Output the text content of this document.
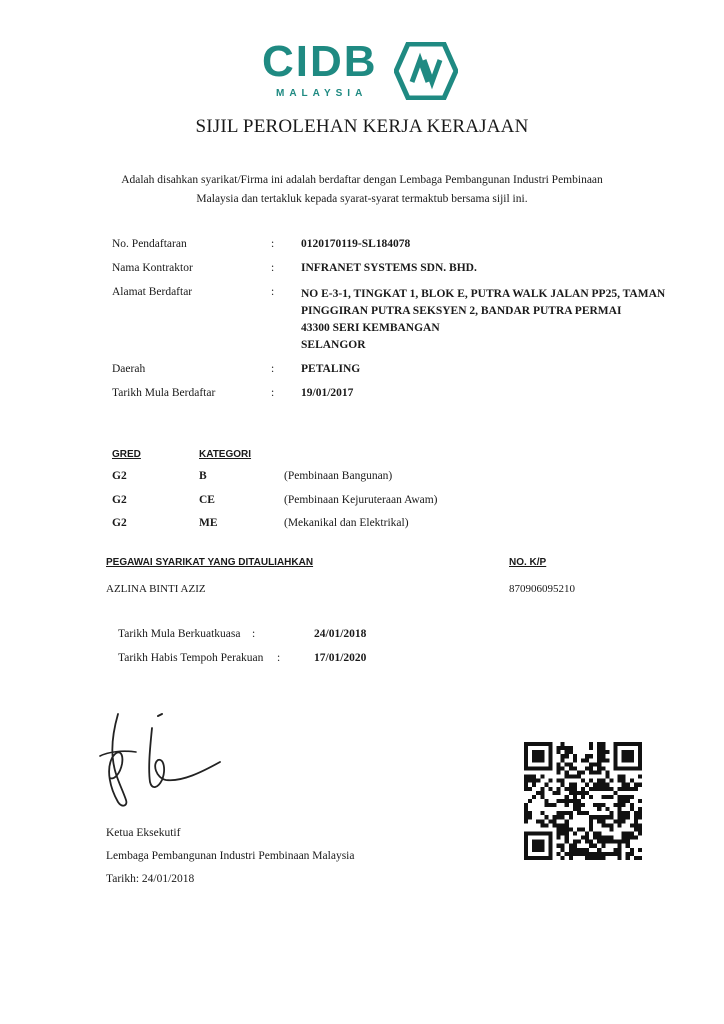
CIDB
MALAYSIA
SIJIL PEROLEHAN KERJA KERAJAAN
Adalah disahkan syarikat/Firma ini adalah berdaftar dengan Lembaga Pembangunan Industri Pembinaan
Malaysia dan tertakluk kepada syarat-syarat termaktub bersama sijil ini.
No. Pendaftaran	: 0120170119-SL184078
Nama Kontraktor	: INFRANET SYSTEMS SDN. BHD.
Alamat Berdaftar	: NO E-3-1, TINGKAT 1, BLOK E, PUTRA WALK JALAN PP25, TAMAN
PINGGIRAN PUTRA SEKSYEN 2, BANDAR PUTRA PERMAI
43300 SERI KEMBANGAN
SELANGOR
Daerah	: PETALING
Tarikh Mula Berdaftar	: 19/01/2017
GRED	KATEGORI
G2	B	(Pembinaan Bangunan)
G2	CE	(Pembinaan Kejuruteraan Awam)
G2	ME	(Mekanikal dan Elektrikal)
PEGAWAI SYARIKAT YANG DITAULIAHKAN	NO. K/P
AZLINA BINTI AZIZ	870906095210
Tarikh Mula Berkuatkuasa :	24/01/2018
Tarikh Habis Tempoh Perakuan :	17/01/2020
Ketua Eksekutif
Lembaga Pembangunan Industri Pembinaan Malaysia
Tarikh: 24/01/2018
